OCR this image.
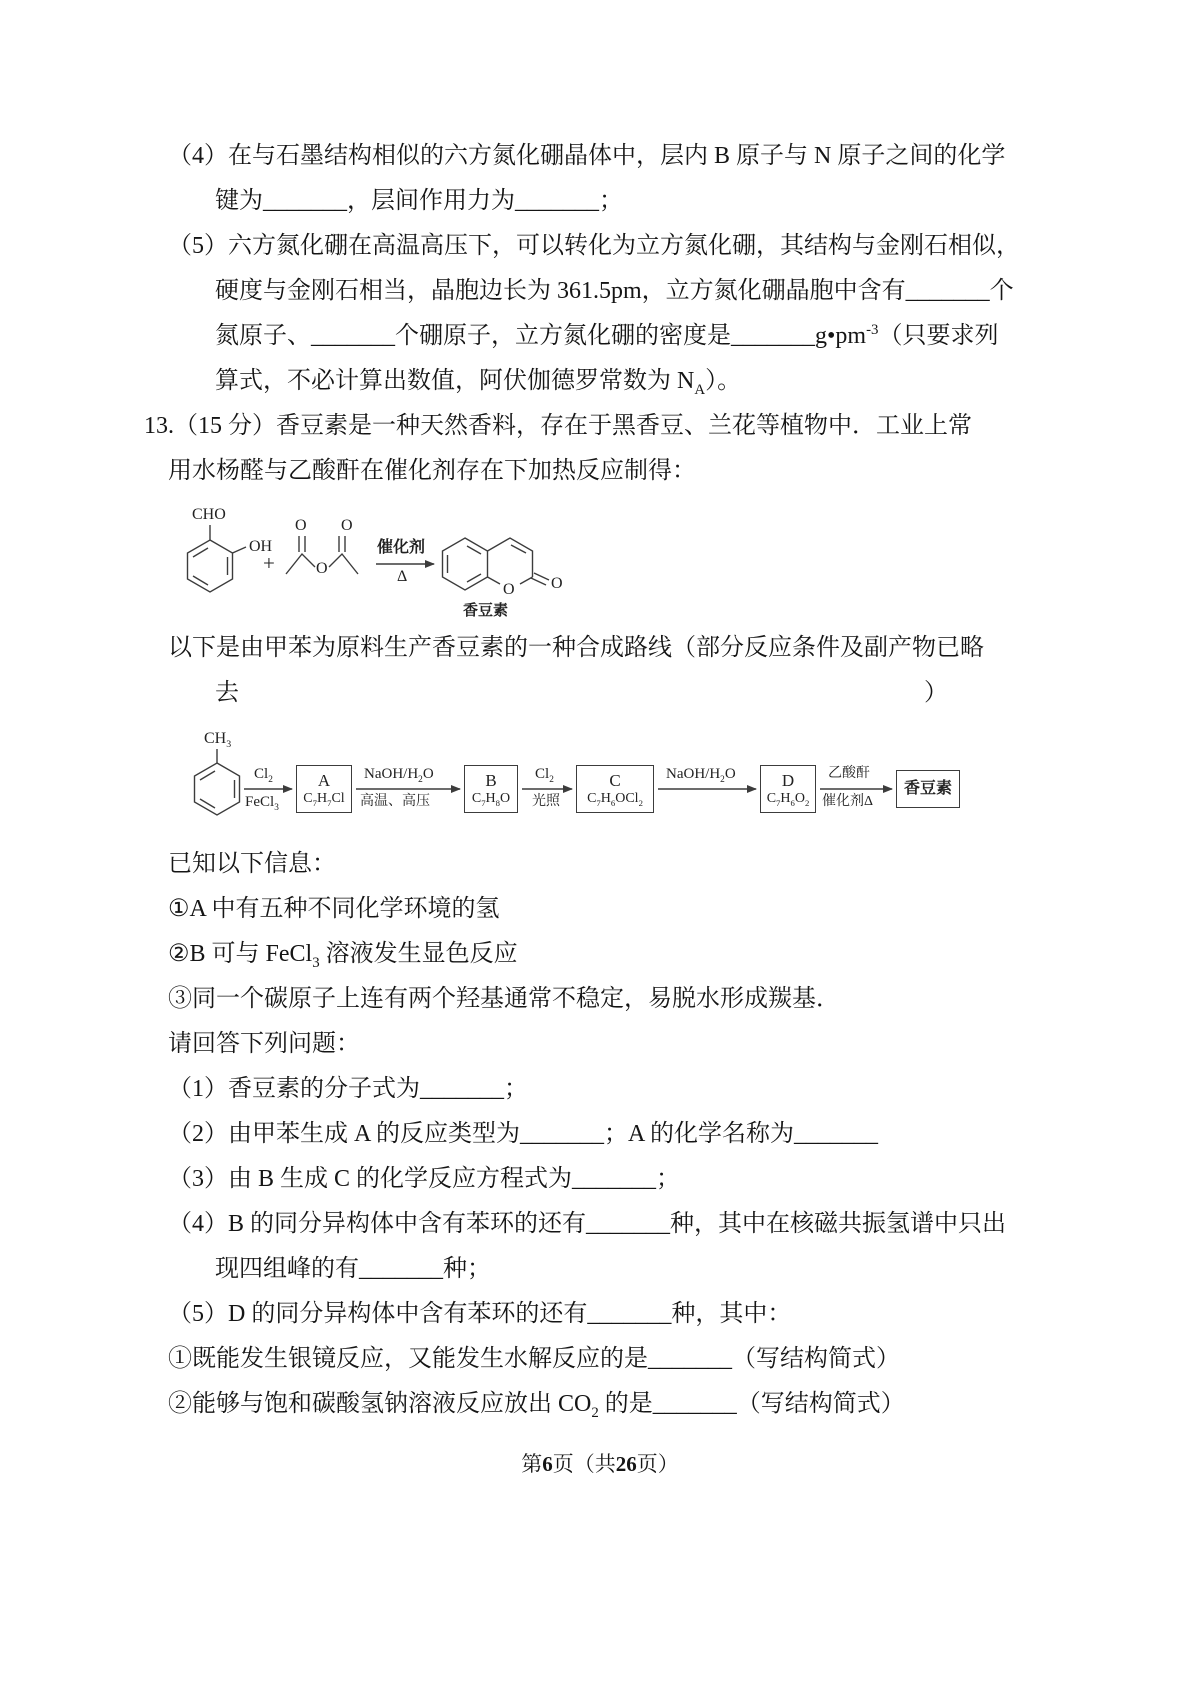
（4）在与石墨结构相似的六方氮化硼晶体中，层内 B 原子与 N 原子之间的化学
键为_______，层间作用力为_______；
（5）六方氮化硼在高温高压下，可以转化为立方氮化硼，其结构与金刚石相似，
硬度与金刚石相当，晶胞边长为 361.5pm，立方氮化硼晶胞中含有_______个
氮原子、_______个硼原子，立方氮化硼的密度是$\_\_\_\_\_\_\_g•pm^{-3}$（只要求列
算式，不必计算出数值，阿伏伽德罗常数为 $N_A$）。
13.（15 分）香豆素是一种天然香料，存在于黑香豆、兰花等植物中．工业上常
用水杨醛与乙酸酐在催化剂存在下加热反应制得：
CHO
OH
+
O
O
O
催化剂
Δ
O O
香豆素
以下是由甲苯为原料生产香豆素的一种合成路线（部分反应条件及副产物已略
去	）
$CH_3$
$Cl_2$
FeCl$_3$
A
$C_7H_7Cl$
NaOH/$H_2O$
高温、高压
B
$C_7H_8O$
$Cl_2$
光照
C
$C_7H_6OCl_2$
NaOH/$H_2O$	D
$C_7H_6O_2$
乙酸酐
催化剂Δ
香豆素
已知以下信息：
①A 中有五种不同化学环境的氢
②B 可与 FeCl$_3$ 溶液发生显色反应
③同一个碳原子上连有两个羟基通常不稳定，易脱水形成羰基．
请回答下列问题：
（1）香豆素的分子式为_______；
（2）由甲苯生成 A 的反应类型为_______；A 的化学名称为_______
（3）由 B 生成 C 的化学反应方程式为_______；
（4）B 的同分异构体中含有苯环的还有_______种，其中在核磁共振氢谱中只出
现四组峰的有_______种；
（5）D 的同分异构体中含有苯环的还有_______种，其中：
①既能发生银镜反应，又能发生水解反应的是_______（写结构简式）
②能够与饱和碳酸氢钠溶液反应放出 $CO_2$ 的是_______（写结构简式）
第6页（共26页）
